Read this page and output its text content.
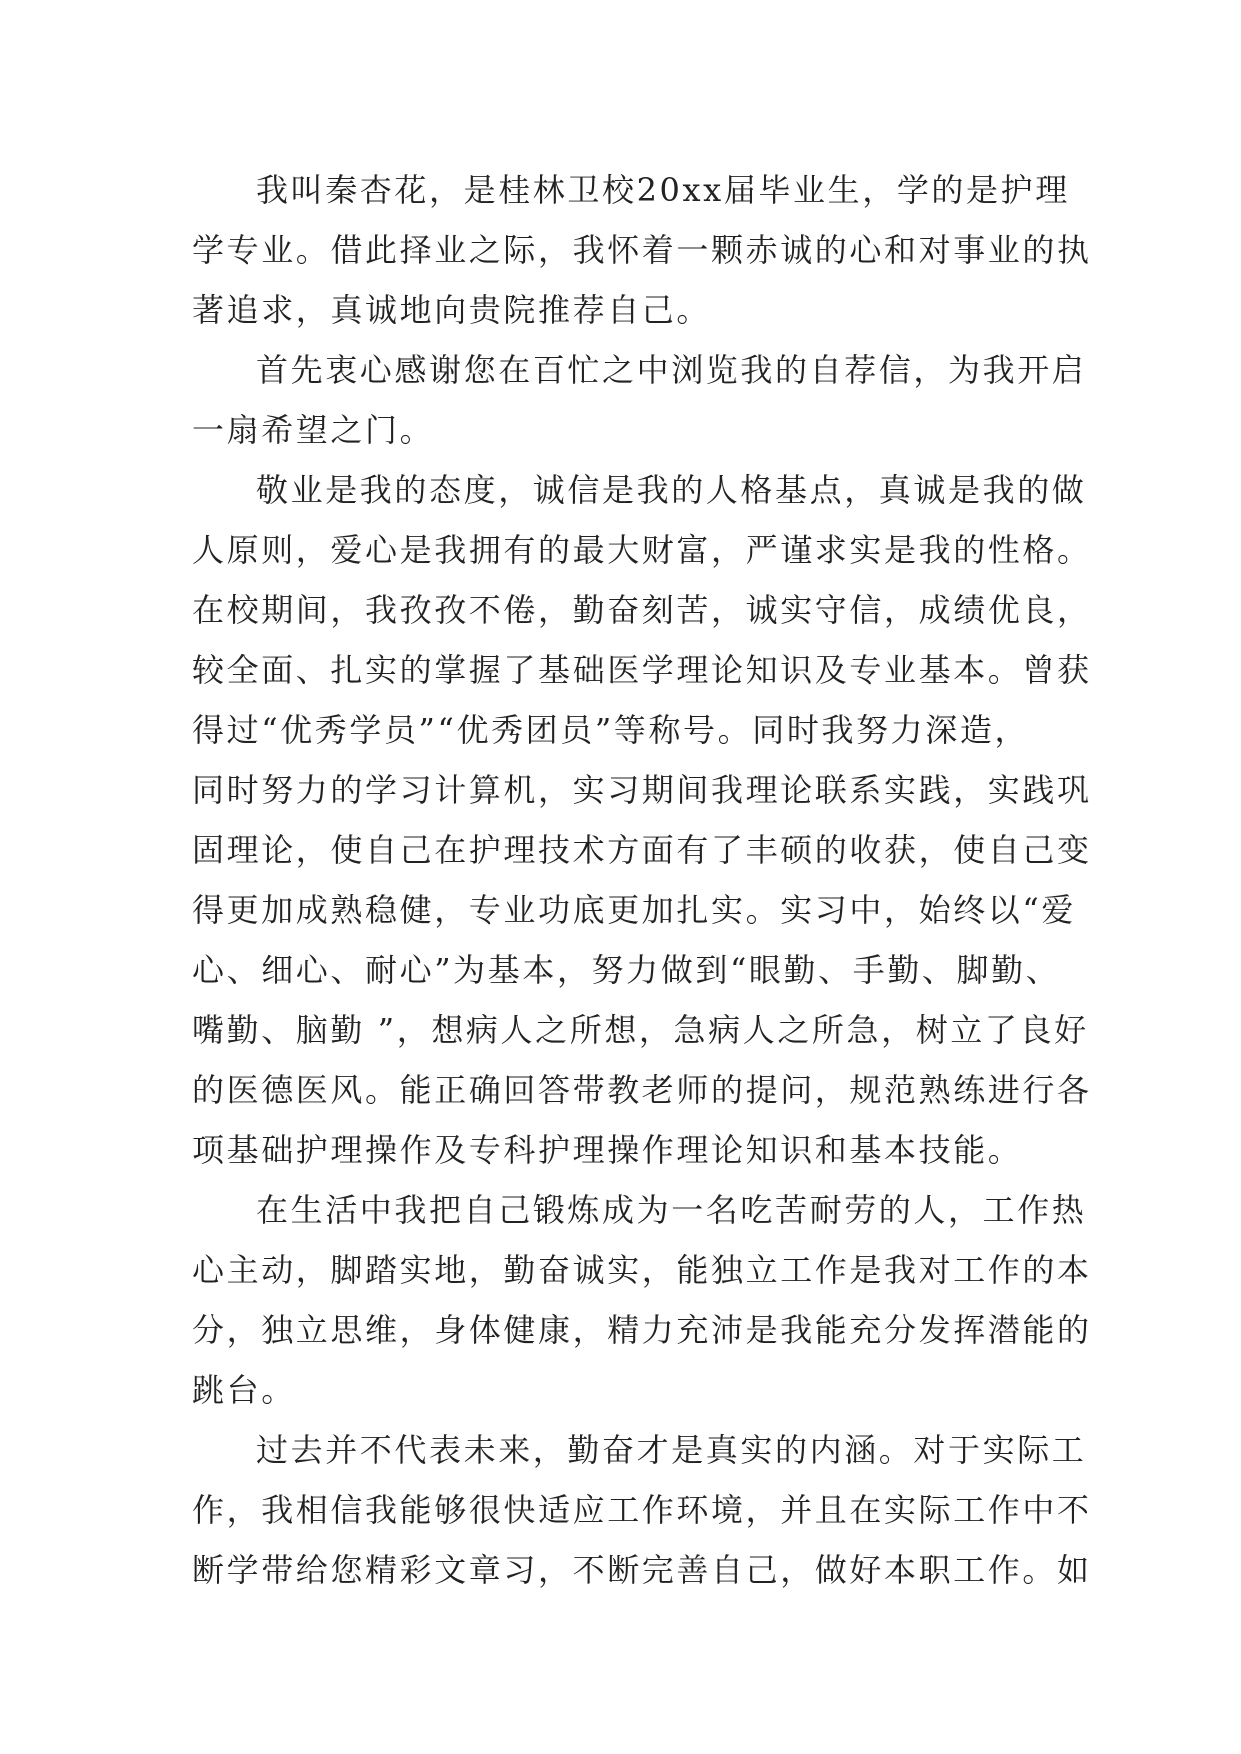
我叫秦杏花，是桂林卫校20xx届毕业生，学的是护理
学专业。借此择业之际，我怀着一颗赤诚的心和对事业的执
著追求，真诚地向贵院推荐自己。
首先衷心感谢您在百忙之中浏览我的自荐信，为我开启
一扇希望之门。
敬业是我的态度，诚信是我的人格基点，真诚是我的做
人原则，爱心是我拥有的最大财富，严谨求实是我的性格。
在校期间，我孜孜不倦，勤奋刻苦，诚实守信，成绩优良，
较全面、扎实的掌握了基础医学理论知识及专业基本。曾获
得过“优秀学员”“优秀团员”等称号。同时我努力深造，
同时努力的学习计算机，实习期间我理论联系实践，实践巩
固理论，使自己在护理技术方面有了丰硕的收获，使自己变
得更加成熟稳健，专业功底更加扎实。实习中，始终以“爱
心、细心、耐心”为基本，努力做到“眼勤、手勤、脚勤、
嘴勤、脑勤 ”，想病人之所想，急病人之所急，树立了良好
的医德医风。能正确回答带教老师的提问，规范熟练进行各
项基础护理操作及专科护理操作理论知识和基本技能。
在生活中我把自己锻炼成为一名吃苦耐劳的人，工作热
心主动，脚踏实地，勤奋诚实，能独立工作是我对工作的本
分，独立思维，身体健康，精力充沛是我能充分发挥潜能的
跳台。
过去并不代表未来，勤奋才是真实的内涵。对于实际工
作，我相信我能够很快适应工作环境，并且在实际工作中不
断学带给您精彩文章习，不断完善自己，做好本职工作。如
